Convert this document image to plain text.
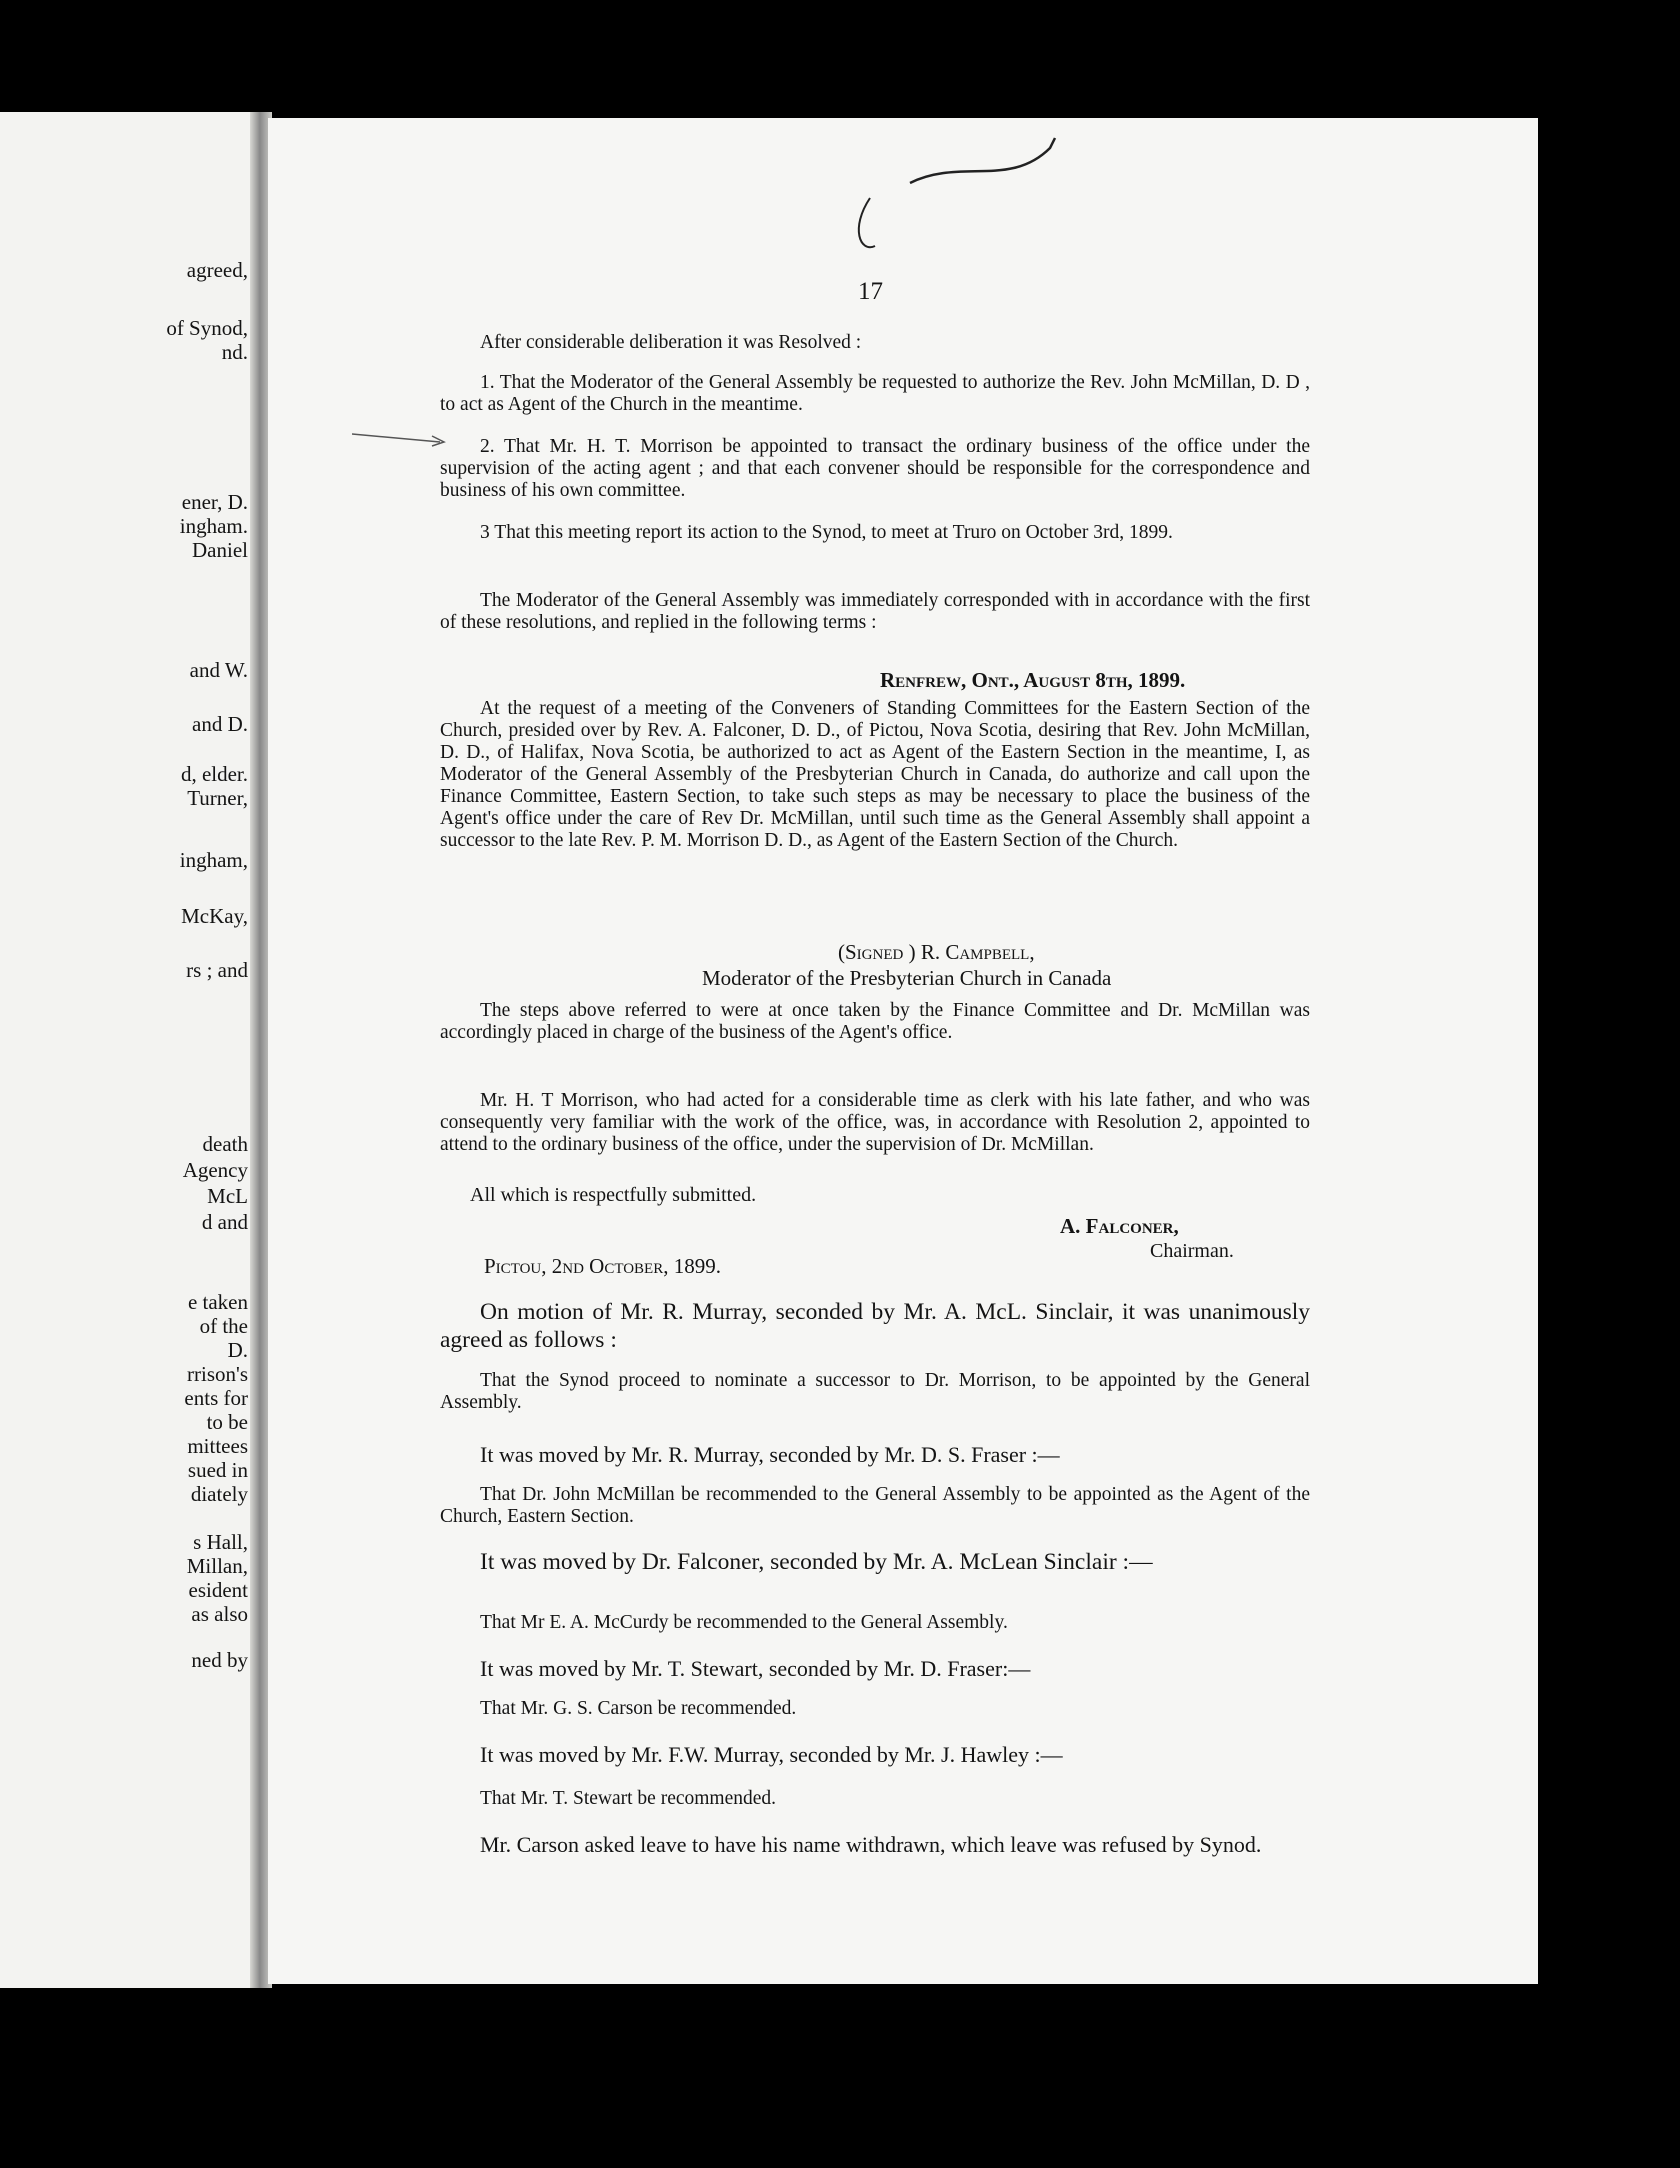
agreed,
of Synod,
nd.
ener, D.
ingham.
Daniel
and W.
and D.
d, elder.
Turner,
ingham,
McKay,
rs ; and
death
Agency
McL
d and
e taken
of the
D.
rrison's
ents for
to be
mittees
sued in
diately
s Hall,
Millan,
esident
as also
ned by
17

After considerable deliberation it was Resolved :

1. That the Moderator of the General Assembly be requested to authorize the Rev. John McMillan, D. D , to act as Agent of the Church in the meantime.

2. That Mr. H. T. Morrison be appointed to transact the ordinary business of the office under the supervision of the acting agent ; and that each convener should be responsible for the correspondence and business of his own committee.

3 That this meeting report its action to the Synod, to meet at Truro on October 3rd, 1899.

The Moderator of the General Assembly was immediately corresponded with in accordance with the first of these resolutions, and replied in the following terms :

Renfrew, Ont., August 8th, 1899.

At the request of a meeting of the Conveners of Standing Committees for the Eastern Section of the Church, presided over by Rev. A. Falconer, D. D., of Pictou, Nova Scotia, desiring that Rev. John McMillan, D. D., of Halifax, Nova Scotia, be authorized to act as Agent of the Eastern Section in the meantime, I, as Moderator of the General Assembly of the Presbyterian Church in Canada, do authorize and call upon the Finance Committee, Eastern Section, to take such steps as may be necessary to place the business of the Agent's office under the care of Rev Dr. McMillan, until such time as the General Assembly shall appoint a successor to the late Rev. P. M. Morrison D. D., as Agent of the Eastern Section of the Church.

(Signed ) R. Campbell,
Moderator of the Presbyterian Church in Canada

The steps above referred to were at once taken by the Finance Committee and Dr. McMillan was accordingly placed in charge of the business of the Agent's office.

Mr. H. T Morrison, who had acted for a considerable time as clerk with his late father, and who was consequently very familiar with the work of the office, was, in accordance with Resolution 2, appointed to attend to the ordinary business of the office, under the supervision of Dr. McMillan.

All which is respectfully submitted.
A. Falconer,
Chairman.
Pictou, 2nd October, 1899.

On motion of Mr. R. Murray, seconded by Mr. A. McL. Sinclair, it was unanimously agreed as follows :

That the Synod proceed to nominate a successor to Dr. Morrison, to be appointed by the General Assembly.

It was moved by Mr. R. Murray, seconded by Mr. D. S. Fraser :—

That Dr. John McMillan be recommended to the General Assembly to be appointed as the Agent of the Church, Eastern Section.

It was moved by Dr. Falconer, seconded by Mr. A. McLean Sinclair :—

That Mr E. A. McCurdy be recommended to the General Assembly.

It was moved by Mr. T. Stewart, seconded by Mr. D. Fraser:—

That Mr. G. S. Carson be recommended.

It was moved by Mr. F.W. Murray, seconded by Mr. J. Hawley :—

That Mr. T. Stewart be recommended.

Mr. Carson asked leave to have his name withdrawn, which leave was refused by Synod.
